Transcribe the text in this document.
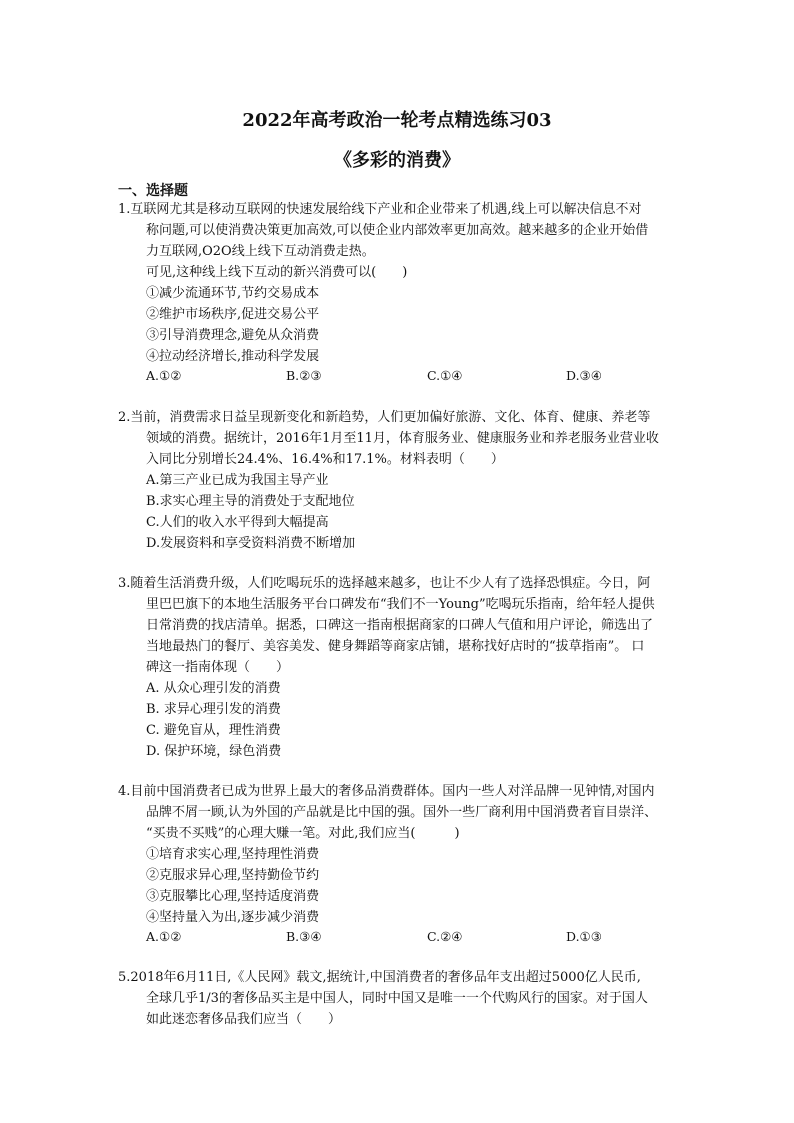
2022年高考政治一轮考点精选练习03
《多彩的消费》
一、选择题
1.互联网尤其是移动互联网的快速发展给线下产业和企业带来了机遇,线上可以解决信息不对
称问题,可以使消费决策更加高效,可以使企业内部效率更加高效。越来越多的企业开始借
力互联网,O2O线上线下互动消费走热。
可见,这种线上线下互动的新兴消费可以(　　)
①减少流通环节,节约交易成本
②维护市场秩序,促进交易公平
③引导消费理念,避免从众消费
④拉动经济增长,推动科学发展
A.①②	B.②③	C.①④	D.③④
2.当前，消费需求日益呈现新变化和新趋势，人们更加偏好旅游、文化、体育、健康、养老等
领域的消费。据统计，2016年1月至11月，体育服务业、健康服务业和养老服务业营业收
入同比分别增长24.4%、16.4%和17.1%。材料表明（　　）
A.第三产业已成为我国主导产业
B.求实心理主导的消费处于支配地位
C.人们的收入水平得到大幅提高
D.发展资料和享受资料消费不断增加
3.随着生活消费升级，人们吃喝玩乐的选择越来越多，也让不少人有了选择恐惧症。今日，阿
里巴巴旗下的本地生活服务平台口碑发布“我们不一Young”吃喝玩乐指南，给年轻人提供
日常消费的找店清单。据悉，口碑这一指南根据商家的口碑人气值和用户评论，筛选出了
当地最热门的餐厅、美容美发、健身舞蹈等商家店铺，堪称找好店时的“拔草指南”。 口
碑这一指南体现（　　）
A. 从众心理引发的消费
B. 求异心理引发的消费
C. 避免盲从，理性消费
D. 保护环境，绿色消费
4.目前中国消费者已成为世界上最大的奢侈品消费群体。国内一些人对洋品牌一见钟情,对国内
品牌不屑一顾,认为外国的产品就是比中国的强。国外一些厂商利用中国消费者盲目崇洋、
“买贵不买贱”的心理大赚一笔。对此,我们应当(　　　)
①培育求实心理,坚持理性消费
②克服求异心理,坚持勤俭节约
③克服攀比心理,坚持适度消费
④坚持量入为出,逐步减少消费
A.①②	B.③④	C.②④	D.①③
5.2018年6月11日,《人民网》载文,据统计,中国消费者的奢侈品年支出超过5000亿人民币,
全球几乎1/3的奢侈品买主是中国人，同时中国又是唯一一个代购风行的国家。对于国人
如此迷恋奢侈品我们应当（　　）
